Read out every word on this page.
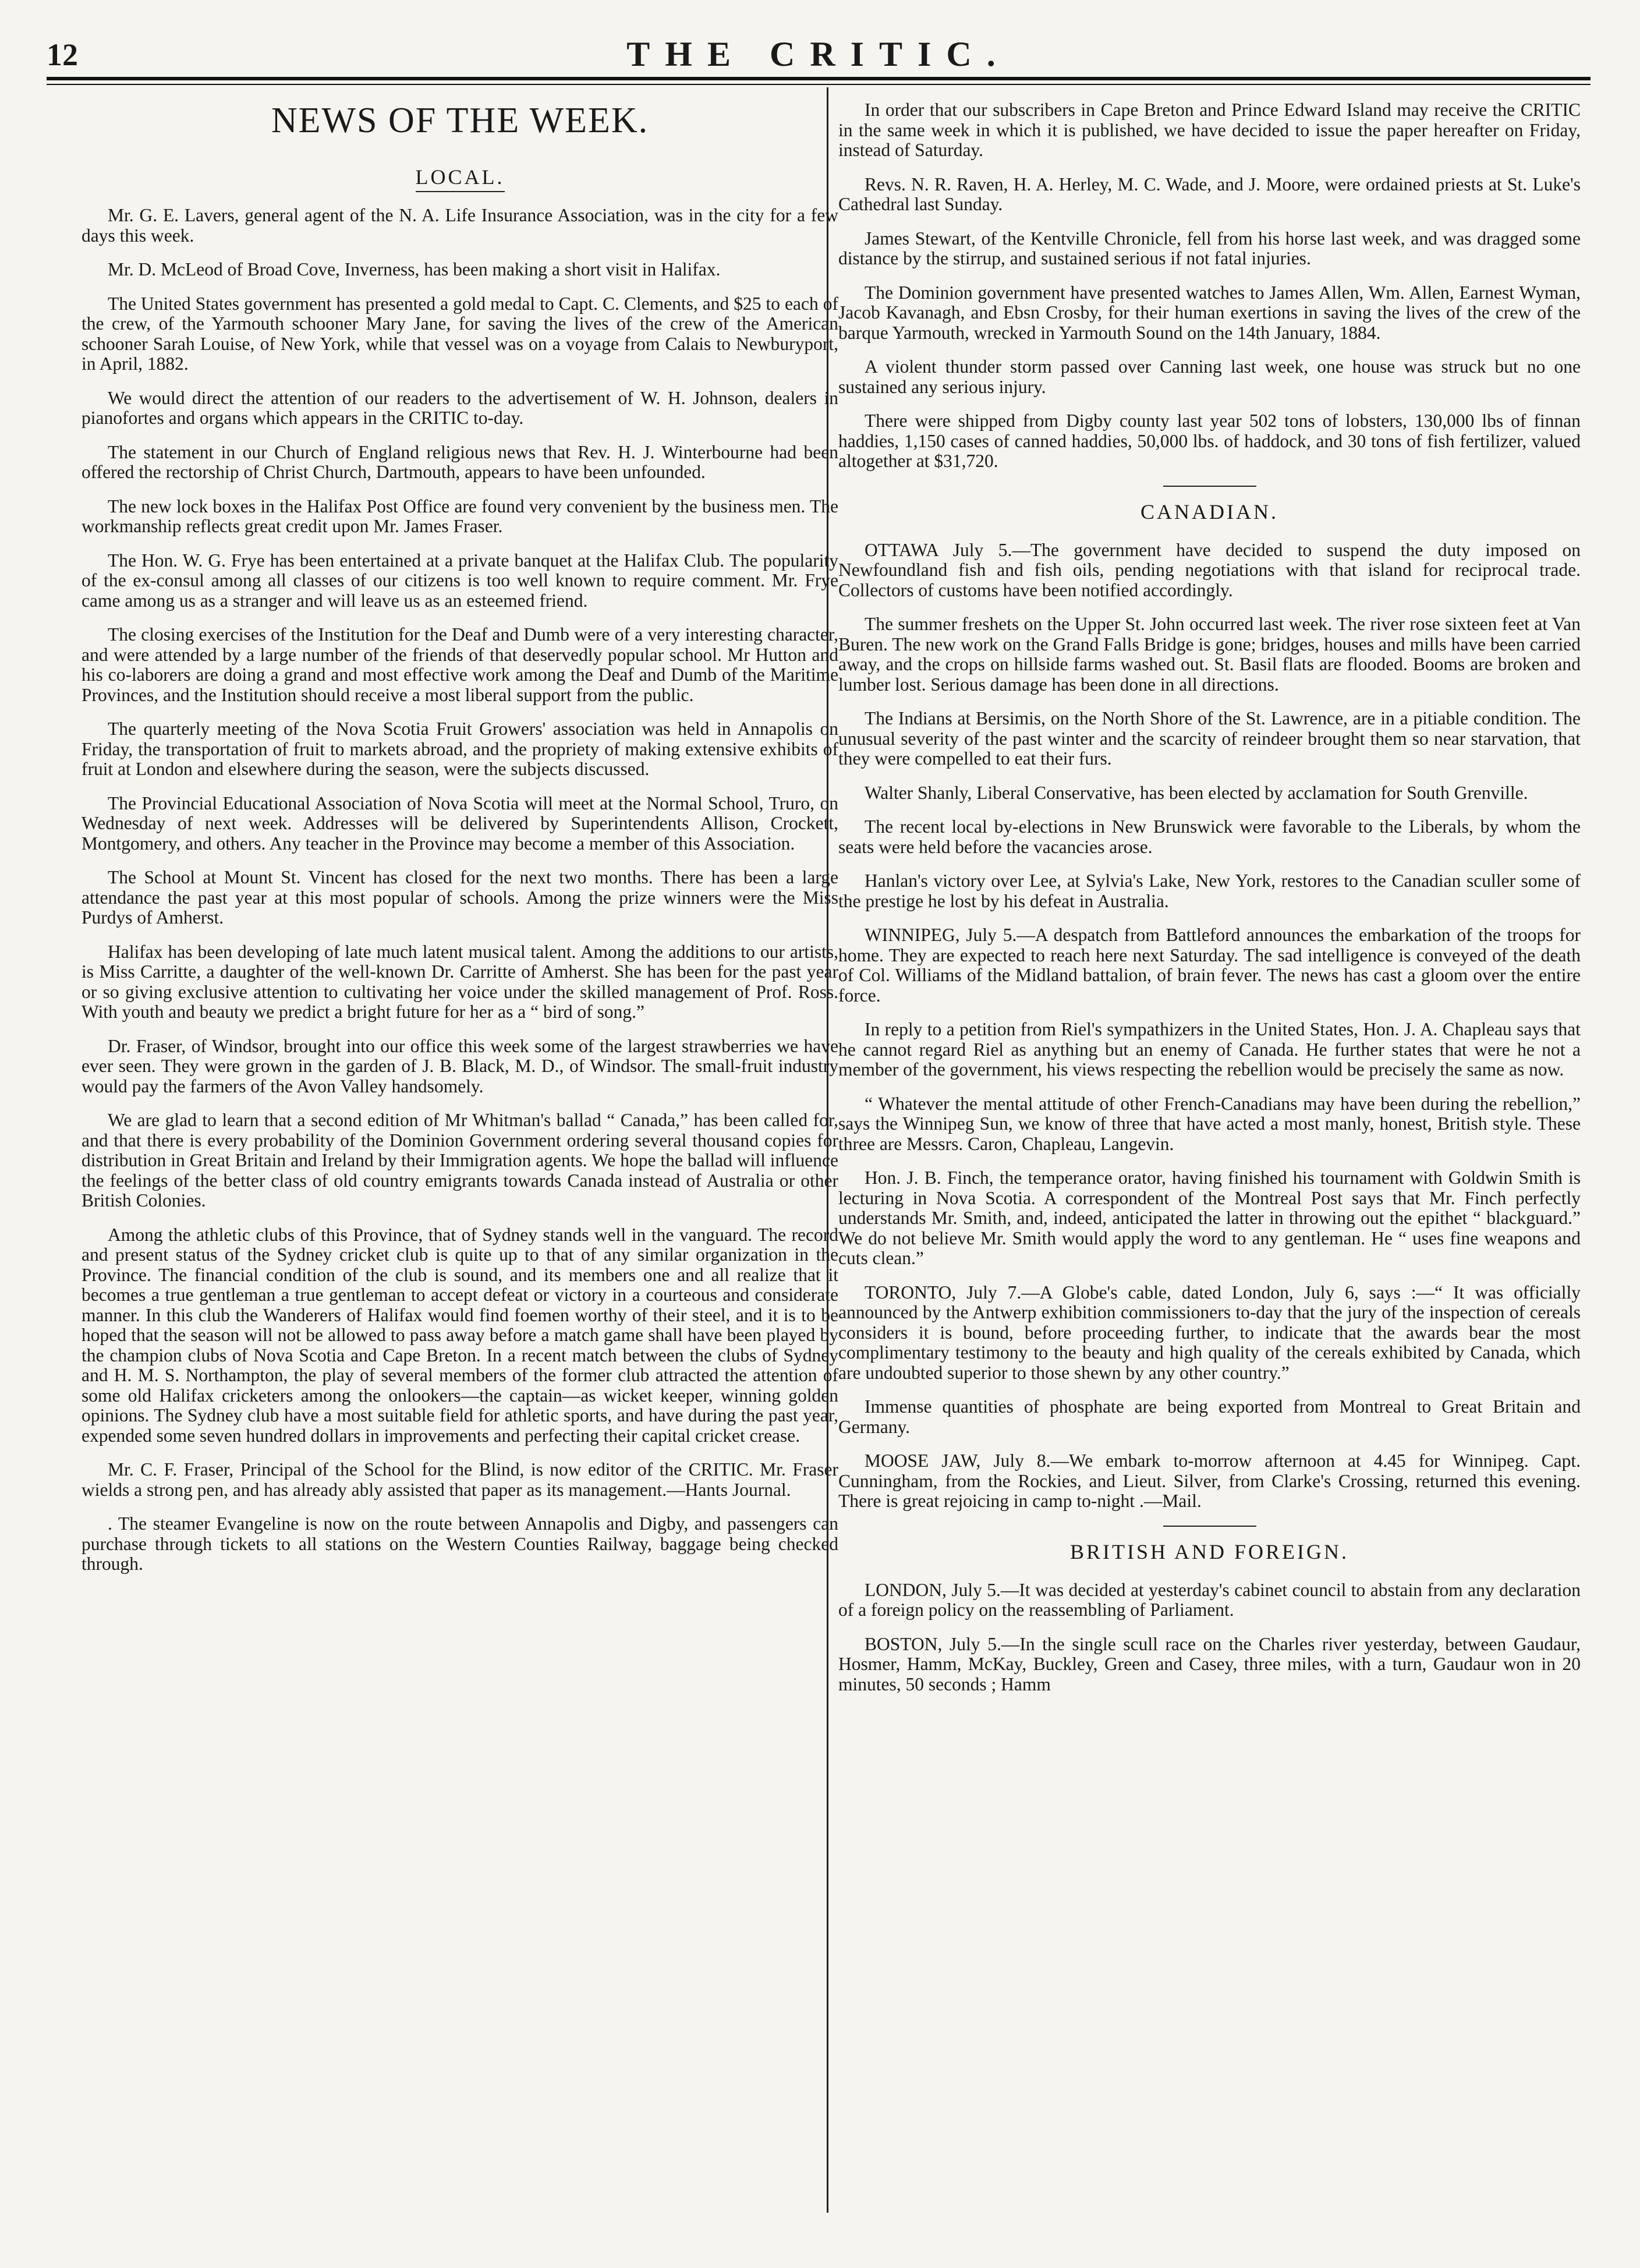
12	THE CRITIC.
NEWS OF THE WEEK.
LOCAL.

Mr. G. E. Lavers, general agent of the N. A. Life Insurance Association, was in the city for a few days this week.

Mr. D. McLeod of Broad Cove, Inverness, has been making a short visit in Halifax.

The United States government has presented a gold medal to Capt. C. Clements, and $25 to each of the crew, of the Yarmouth schooner Mary Jane, for saving the lives of the crew of the American schooner Sarah Louise, of New York, while that vessel was on a voyage from Calais to Newburyport, in April, 1882.

We would direct the attention of our readers to the advertisement of W. H. Johnson, dealers in pianofortes and organs which appears in the CRITIC to-day.

The statement in our Church of England religious news that Rev. H. J. Winterbourne had been offered the rectorship of Christ Church, Dartmouth, appears to have been unfounded.

The new lock boxes in the Halifax Post Office are found very convenient by the business men. The workmanship reflects great credit upon Mr. James Fraser.

The Hon. W. G. Frye has been entertained at a private banquet at the Halifax Club. The popularity of the ex-consul among all classes of our citizens is too well known to require comment. Mr. Frye came among us as a stranger and will leave us as an esteemed friend.

The closing exercises of the Institution for the Deaf and Dumb were of a very interesting character, and were attended by a large number of the friends of that deservedly popular school. Mr Hutton and his co-laborers are doing a grand and most effective work among the Deaf and Dumb of the Maritime Provinces, and the Institution should receive a most liberal support from the public.

The quarterly meeting of the Nova Scotia Fruit Growers' association was held in Annapolis on Friday, the transportation of fruit to markets abroad, and the propriety of making extensive exhibits of fruit at London and elsewhere during the season, were the subjects discussed.

The Provincial Educational Association of Nova Scotia will meet at the Normal School, Truro, on Wednesday of next week. Addresses will be delivered by Superintendents Allison, Crockett, Montgomery, and others. Any teacher in the Province may become a member of this Association.

The School at Mount St. Vincent has closed for the next two months. There has been a large attendance the past year at this most popular of schools. Among the prize winners were the Miss Purdys of Amherst.

Halifax has been developing of late much latent musical talent. Among the additions to our artists, is Miss Carritte, a daughter of the well-known Dr. Carritte of Amherst. She has been for the past year or so giving exclusive attention to cultivating her voice under the skilled management of Prof. Ross. With youth and beauty we predict a bright future for her as a “ bird of song.”

Dr. Fraser, of Windsor, brought into our office this week some of the largest strawberries we have ever seen. They were grown in the garden of J. B. Black, M. D., of Windsor. The small-fruit industry would pay the farmers of the Avon Valley handsomely.

We are glad to learn that a second edition of Mr Whitman's ballad “ Canada,” has been called for, and that there is every probability of the Dominion Government ordering several thousand copies for distribution in Great Britain and Ireland by their Immigration agents. We hope the ballad will influence the feelings of the better class of old country emigrants towards Canada instead of Australia or other British Colonies.

Among the athletic clubs of this Province, that of Sydney stands well in the vanguard. The record and present status of the Sydney cricket club is quite up to that of any similar organization in the Province. The financial condition of the club is sound, and its members one and all realize that it becomes a true gentleman a true gentleman to accept defeat or victory in a courteous and considerate manner. In this club the Wanderers of Halifax would find foemen worthy of their steel, and it is to be hoped that the season will not be allowed to pass away before a match game shall have been played by the champion clubs of Nova Scotia and Cape Breton. In a recent match between the clubs of Sydney and H. M. S. Northampton, the play of several members of the former club attracted the attention of some old Halifax cricketers among the onlookers—the captain—as wicket keeper, winning golden opinions. The Sydney club have a most suitable field for athletic sports, and have during the past year, expended some seven hundred dollars in improvements and perfecting their capital cricket crease.

Mr. C. F. Fraser, Principal of the School for the Blind, is now editor of the CRITIC. Mr. Fraser wields a strong pen, and has already ably assisted that paper as its management.—Hants Journal.

. The steamer Evangeline is now on the route between Annapolis and Digby, and passengers can purchase through tickets to all stations on the Western Counties Railway, baggage being checked through.

In order that our subscribers in Cape Breton and Prince Edward Island may receive the CRITIC in the same week in which it is published, we have decided to issue the paper hereafter on Friday, instead of Saturday.

Revs. N. R. Raven, H. A. Herley, M. C. Wade, and J. Moore, were ordained priests at St. Luke's Cathedral last Sunday.

James Stewart, of the Kentville Chronicle, fell from his horse last week, and was dragged some distance by the stirrup, and sustained serious if not fatal injuries.

The Dominion government have presented watches to James Allen, Wm. Allen, Earnest Wyman, Jacob Kavanagh, and Ebsn Crosby, for their human exertions in saving the lives of the crew of the barque Yarmouth, wrecked in Yarmouth Sound on the 14th January, 1884.

A violent thunder storm passed over Canning last week, one house was struck but no one sustained any serious injury.

There were shipped from Digby county last year 502 tons of lobsters, 130,000 lbs of finnan haddies, 1,150 cases of canned haddies, 50,000 lbs. of haddock, and 30 tons of fish fertilizer, valued altogether at $31,720.

CANADIAN.

OTTAWA July 5.—The government have decided to suspend the duty imposed on Newfoundland fish and fish oils, pending negotiations with that island for reciprocal trade. Collectors of customs have been notified accordingly.

The summer freshets on the Upper St. John occurred last week. The river rose sixteen feet at Van Buren. The new work on the Grand Falls Bridge is gone; bridges, houses and mills have been carried away, and the crops on hillside farms washed out. St. Basil flats are flooded. Booms are broken and lumber lost. Serious damage has been done in all directions.

The Indians at Bersimis, on the North Shore of the St. Lawrence, are in a pitiable condition. The unusual severity of the past winter and the scarcity of reindeer brought them so near starvation, that they were compelled to eat their furs.

Walter Shanly, Liberal Conservative, has been elected by acclamation for South Grenville.

The recent local by-elections in New Brunswick were favorable to the Liberals, by whom the seats were held before the vacancies arose.

Hanlan's victory over Lee, at Sylvia's Lake, New York, restores to the Canadian sculler some of the prestige he lost by his defeat in Australia.

WINNIPEG, July 5.—A despatch from Battleford announces the embarkation of the troops for home. They are expected to reach here next Saturday. The sad intelligence is conveyed of the death of Col. Williams of the Midland battalion, of brain fever. The news has cast a gloom over the entire force.

In reply to a petition from Riel's sympathizers in the United States, Hon. J. A. Chapleau says that he cannot regard Riel as anything but an enemy of Canada. He further states that were he not a member of the government, his views respecting the rebellion would be precisely the same as now.

“ Whatever the mental attitude of other French-Canadians may have been during the rebellion,” says the Winnipeg Sun, we know of three that have acted a most manly, honest, British style. These three are Messrs. Caron, Chapleau, Langevin.

Hon. J. B. Finch, the temperance orator, having finished his tournament with Goldwin Smith is lecturing in Nova Scotia. A correspondent of the Montreal Post says that Mr. Finch perfectly understands Mr. Smith, and, indeed, anticipated the latter in throwing out the epithet “ blackguard.” We do not believe Mr. Smith would apply the word to any gentleman. He “ uses fine weapons and cuts clean.”

TORONTO, July 7.—A Globe's cable, dated London, July 6, says :—“ It was officially announced by the Antwerp exhibition commissioners to-day that the jury of the inspection of cereals considers it is bound, before proceeding further, to indicate that the awards bear the most complimentary testimony to the beauty and high quality of the cereals exhibited by Canada, which are undoubted superior to those shewn by any other country.”

Immense quantities of phosphate are being exported from Montreal to Great Britain and Germany.

MOOSE JAW, July 8.—We embark to-morrow afternoon at 4.45 for Winnipeg. Capt. Cunningham, from the Rockies, and Lieut. Silver, from Clarke's Crossing, returned this evening. There is great rejoicing in camp to-night .—Mail.

BRITISH AND FOREIGN.

LONDON, July 5.—It was decided at yesterday's cabinet council to abstain from any declaration of a foreign policy on the reassembling of Parliament.

BOSTON, July 5.—In the single scull race on the Charles river yesterday, between Gaudaur, Hosmer, Hamm, McKay, Buckley, Green and Casey, three miles, with a turn, Gaudaur won in 20 minutes, 50 seconds ; Hamm
